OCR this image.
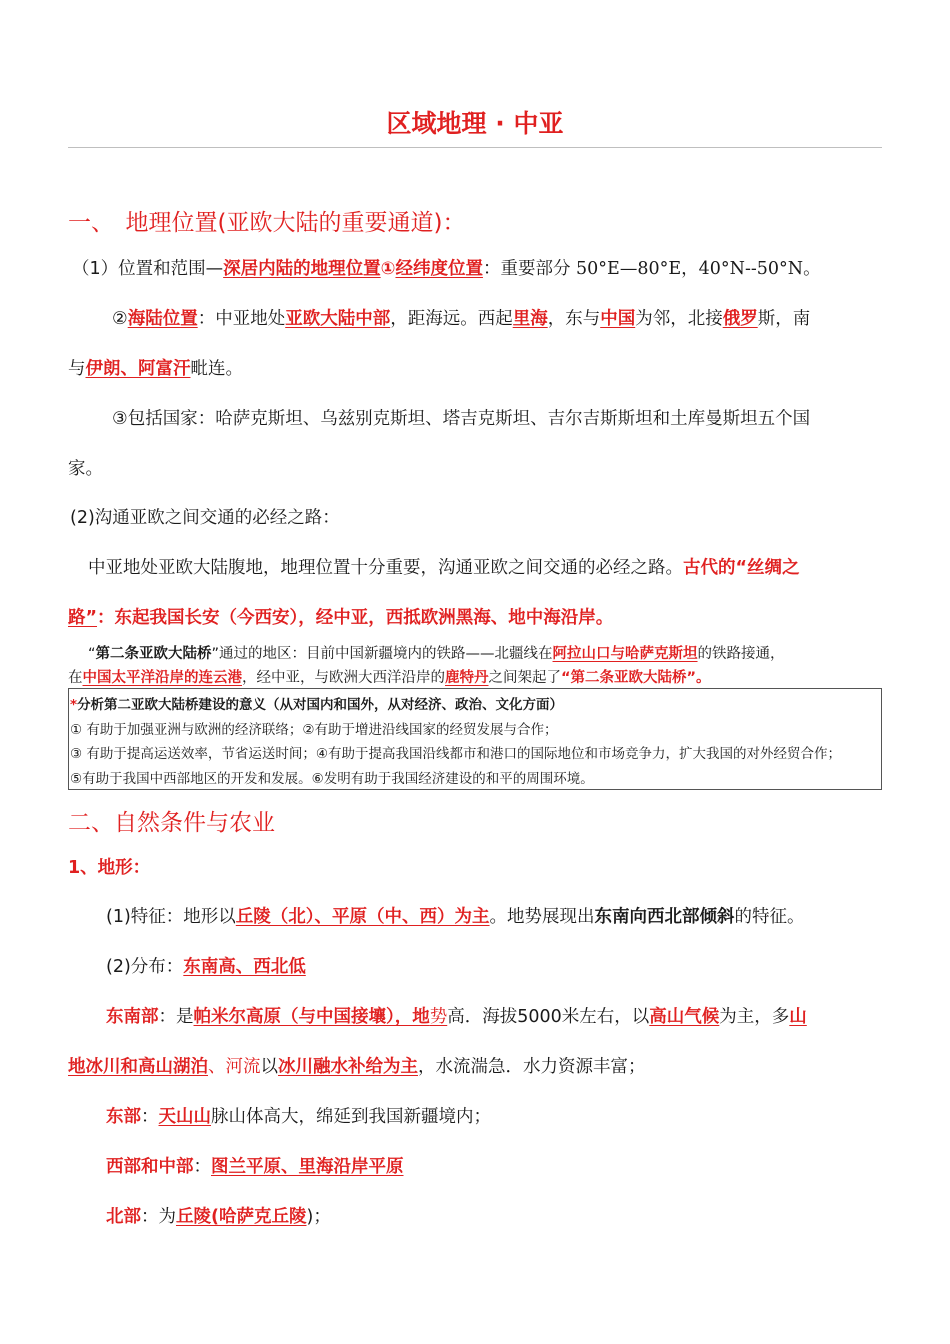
区域地理 · 中亚
一、　地理位置(亚欧大陆的重要通道)：
（1）位置和范围—深居内陆的地理位置①经纬度位置：重要部分 50°E—80°E，40°N--50°N。
②海陆位置：中亚地处亚欧大陆中部，距海远。西起里海，东与中国为邻，北接俄罗斯，南
与伊朗、阿富汗毗连。
③包括国家：哈萨克斯坦、乌兹别克斯坦、塔吉克斯坦、吉尔吉斯斯坦和土库曼斯坦五个国
家。
(2)沟通亚欧之间交通的必经之路：
中亚地处亚欧大陆腹地，地理位置十分重要，沟通亚欧之间交通的必经之路。古代的“丝绸之
路”：东起我国长安（今西安），经中亚，西抵欧洲黑海、地中海沿岸。
“第二条亚欧大陆桥”通过的地区：目前中国新疆境内的铁路——北疆线在阿拉山口与哈萨克斯坦的铁路接通，
在中国太平洋沿岸的连云港，经中亚，与欧洲大西洋沿岸的鹿特丹之间架起了“第二条亚欧大陆桥”。
*分析第二亚欧大陆桥建设的意义（从对国内和国外，从对经济、政治、文化方面）
① 有助于加强亚洲与欧洲的经济联络；②有助于增进沿线国家的经贸发展与合作；
③ 有助于提高运送效率，节省运送时间；④有助于提高我国沿线都市和港口的国际地位和市场竞争力，扩大我国的对外经贸合作；
⑤有助于我国中西部地区的开发和发展。⑥发明有助于我国经济建设的和平的周围环境。
二、自然条件与农业
1、地形：
(1)特征：地形以丘陵（北）、平原（中、西）为主。地势展现出东南向西北部倾斜的特征。
(2)分布：东南高、西北低
东南部：是帕米尔高原（与中国接壤），地势高．海拔5000米左右，以高山气候为主，多山
地冰川和高山湖泊、河流以冰川融水补给为主，水流湍急．水力资源丰富；
东部：天山山脉山体高大，绵延到我国新疆境内；
西部和中部：图兰平原、里海沿岸平原
北部：为丘陵(哈萨克丘陵)；
